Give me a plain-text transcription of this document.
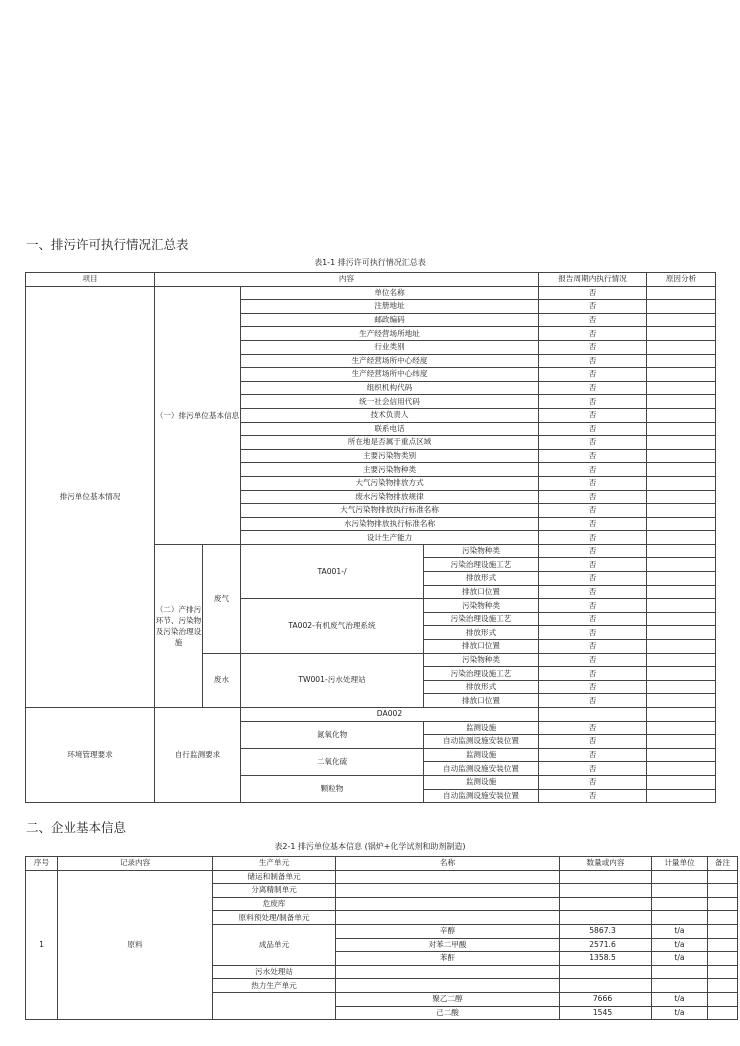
一、排污许可执行情况汇总表
表1-1 排污许可执行情况汇总表
项目	内容				报告周期内执行情况	原因分析
排污单位基本情况	（一）排污单位基本信息		单位名称		否	
			注册地址		否	
			邮政编码		否	
			生产经营场所地址		否	
			行业类别		否	
			生产经营场所中心经度		否	
			生产经营场所中心纬度		否	
			组织机构代码		否	
			统一社会信用代码		否	
			技术负责人		否	
			联系电话		否	
			所在地是否属于重点区域		否	
			主要污染物类别		否	
			主要污染物种类		否	
			大气污染物排放方式		否	
			废水污染物排放规律		否	
			大气污染物排放执行标准名称		否	
			水污染物排放执行标准名称		否	
			设计生产能力		否	
	（二）产排污环节、污染物及污染治理设施	废气	TA001-/	污染物种类	否	
				污染治理设施工艺	否	
				排放形式	否	
				排放口位置	否	
			TA002-有机废气治理系统	污染物种类	否	
				污染治理设施工艺	否	
				排放形式	否	
				排放口位置	否	
		废水	TW001-污水处理站	污染物种类	否	
				污染治理设施工艺	否	
				排放形式	否	
				排放口位置	否	
环境管理要求	自行监测要求		DA002			
			氮氧化物	监测设施	否	
				自动监测设施安装位置	否	
			二氧化硫	监测设施	否	
				自动监测设施安装位置	否	
			颗粒物	监测设施	否	
				自动监测设施安装位置	否	
二、企业基本信息
表2-1 排污单位基本信息 (锅炉+化学试剂和助剂制造)
序号	记录内容	生产单元	名称	数量或内容	计量单位	备注
1	原料	储运和制备单元				
		分离精制单元				
		危废库				
		原料预处理/制备单元				
		成品单元	辛醇	5867.3	t/a	
			对苯二甲酸	2571.6	t/a	
			苯酐	1358.5	t/a	
		污水处理站				
		热力生产单元				
			聚乙二醇	7666	t/a	
			己二酸	1545	t/a	
